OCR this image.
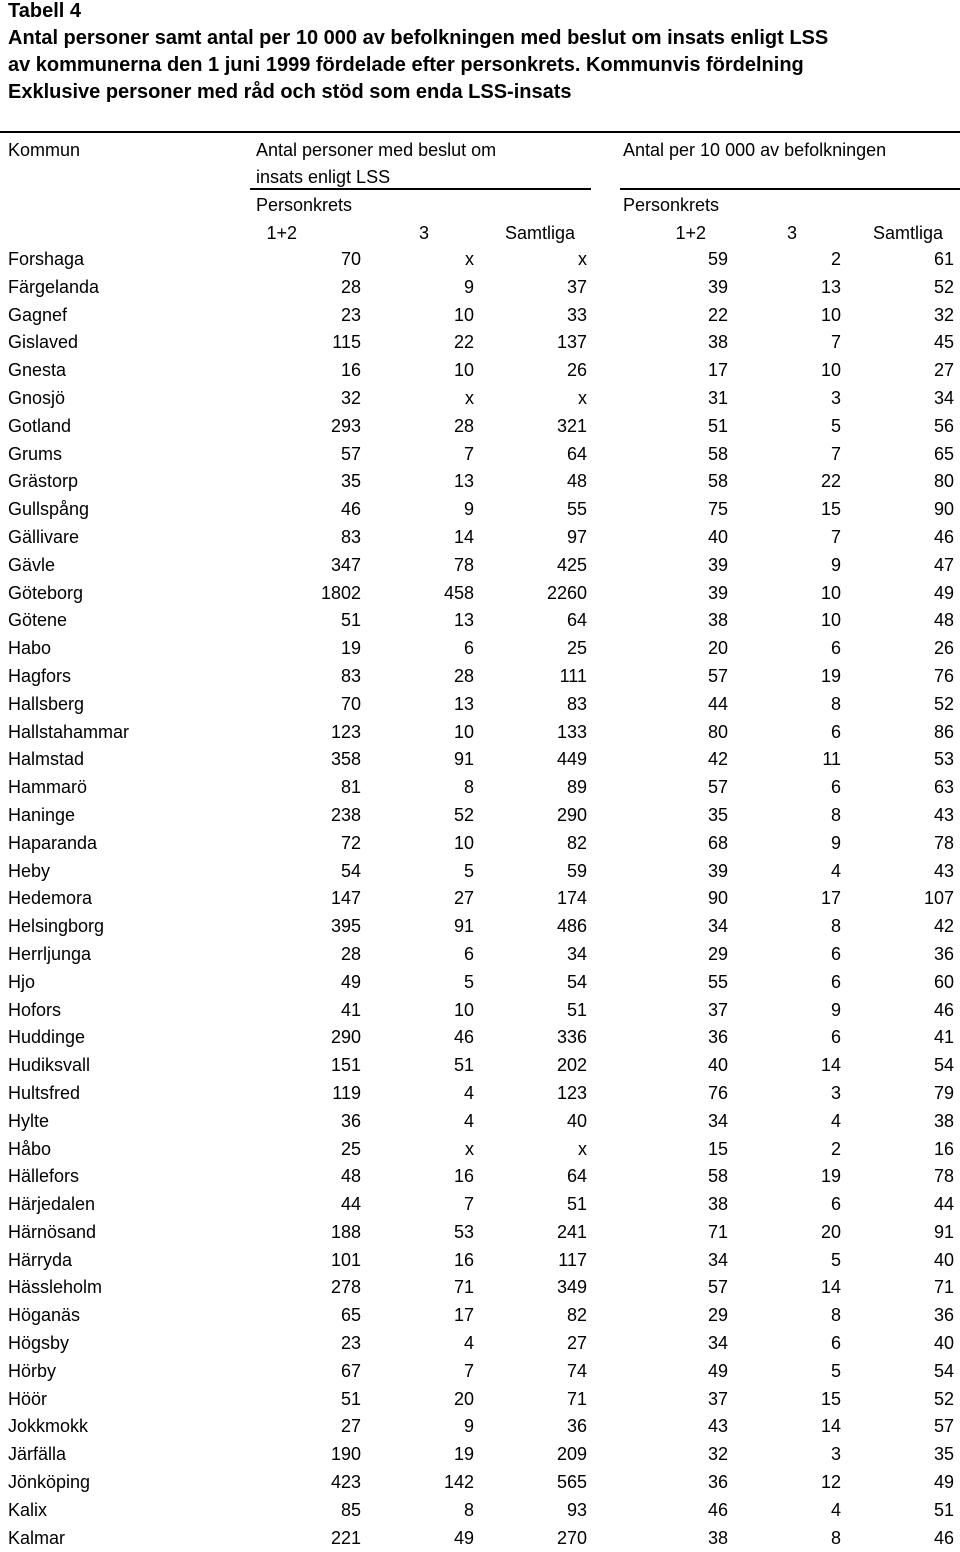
Tabell 4
Antal personer samt antal per 10 000 av befolkningen med beslut om insats enligt LSS
av kommunerna den 1 juni 1999 fördelade efter personkrets. Kommunvis fördelning
Exklusive personer med råd och stöd som enda LSS-insats
Kommun	Antal personer med beslut om
insats enligt LSS
Antal per 10 000 av befolkningen
Personkrets	Personkrets
1+2	3	Samtliga	1+2	3	Samtliga
Forshaga	70	x	x	59	2	61
Färgelanda	28	9	37	39	13	52
Gagnef	23	10	33	22	10	32
Gislaved	115	22	137	38	7	45
Gnesta	16	10	26	17	10	27
Gnosjö	32	x	x	31	3	34
Gotland	293	28	321	51	5	56
Grums	57	7	64	58	7	65
Grästorp	35	13	48	58	22	80
Gullspång	46	9	55	75	15	90
Gällivare	83	14	97	40	7	46
Gävle	347	78	425	39	9	47
Göteborg	1802	458	2260	39	10	49
Götene	51	13	64	38	10	48
Habo	19	6	25	20	6	26
Hagfors	83	28	111	57	19	76
Hallsberg	70	13	83	44	8	52
Hallstahammar	123	10	133	80	6	86
Halmstad	358	91	449	42	11	53
Hammarö	81	8	89	57	6	63
Haninge	238	52	290	35	8	43
Haparanda	72	10	82	68	9	78
Heby	54	5	59	39	4	43
Hedemora	147	27	174	90	17	107
Helsingborg	395	91	486	34	8	42
Herrljunga	28	6	34	29	6	36
Hjo	49	5	54	55	6	60
Hofors	41	10	51	37	9	46
Huddinge	290	46	336	36	6	41
Hudiksvall	151	51	202	40	14	54
Hultsfred	119	4	123	76	3	79
Hylte	36	4	40	34	4	38
Håbo	25	x	x	15	2	16
Hällefors	48	16	64	58	19	78
Härjedalen	44	7	51	38	6	44
Härnösand	188	53	241	71	20	91
Härryda	101	16	117	34	5	40
Hässleholm	278	71	349	57	14	71
Höganäs	65	17	82	29	8	36
Högsby	23	4	27	34	6	40
Hörby	67	7	74	49	5	54
Höör	51	20	71	37	15	52
Jokkmokk	27	9	36	43	14	57
Järfälla	190	19	209	32	3	35
Jönköping	423	142	565	36	12	49
Kalix	85	8	93	46	4	51
Kalmar	221	49	270	38	8	46
